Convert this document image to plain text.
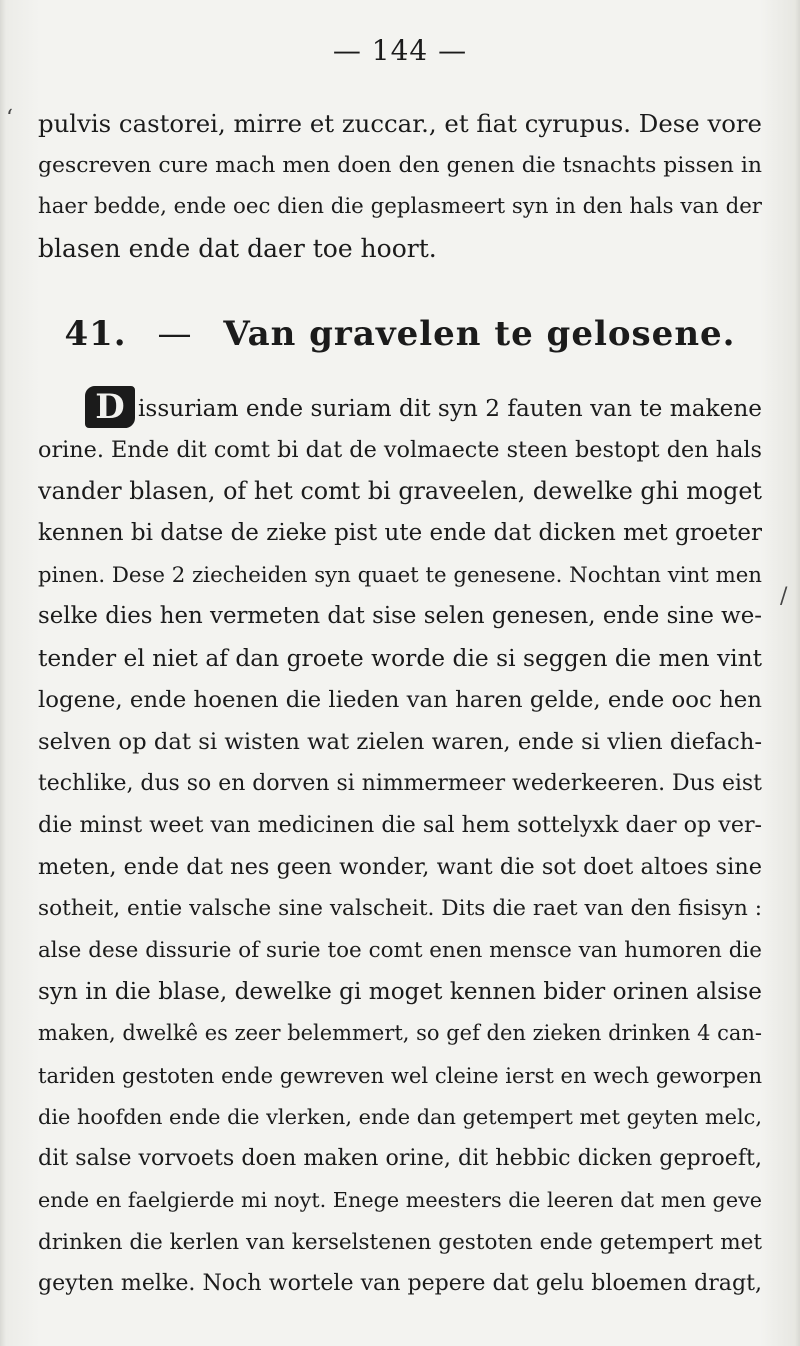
— 144 —
‘
/
pulvis castorei, mirre et zuccar., et fiat cyrupus. Dese vore
gescreven cure mach men doen den genen die tsnachts pissen in
haer bedde, ende oec dien die geplasmeert syn in den hals van der
blasen ende dat daer toe hoort.
41. — Van gravelen te gelosene.
D issuriam ende suriam dit syn 2 fauten van te makene
orine. Ende dit comt bi dat de volmaecte steen bestopt den hals
vander blasen, of het comt bi graveelen, dewelke ghi moget
kennen bi datse de zieke pist ute ende dat dicken met groeter
pinen. Dese 2 ziecheiden syn quaet te genesene. Nochtan vint men
selke dies hen vermeten dat sise selen genesen, ende sine we-
tender el niet af dan groete worde die si seggen die men vint
logene, ende hoenen die lieden van haren gelde, ende ooc hen
selven op dat si wisten wat zielen waren, ende si vlien diefach-
techlike, dus so en dorven si nimmermeer wederkeeren. Dus eist
die minst weet van medicinen die sal hem sottelyxk daer op ver-
meten, ende dat nes geen wonder, want die sot doet altoes sine
sotheit, entie valsche sine valscheit. Dits die raet van den fisisyn :
alse dese dissurie of surie toe comt enen mensce van humoren die
syn in die blase, dewelke gi moget kennen bider orinen alsise
maken, dwelkê es zeer belemmert, so gef den zieken drinken 4 can-
tariden gestoten ende gewreven wel cleine ierst en wech geworpen
die hoofden ende die vlerken, ende dan getempert met geyten melc,
dit salse vorvoets doen maken orine, dit hebbic dicken geproeft,
ende en faelgierde mi noyt. Enege meesters die leeren dat men geve
drinken die kerlen van kerselstenen gestoten ende getempert met
geyten melke. Noch wortele van pepere dat gelu bloemen dragt,
